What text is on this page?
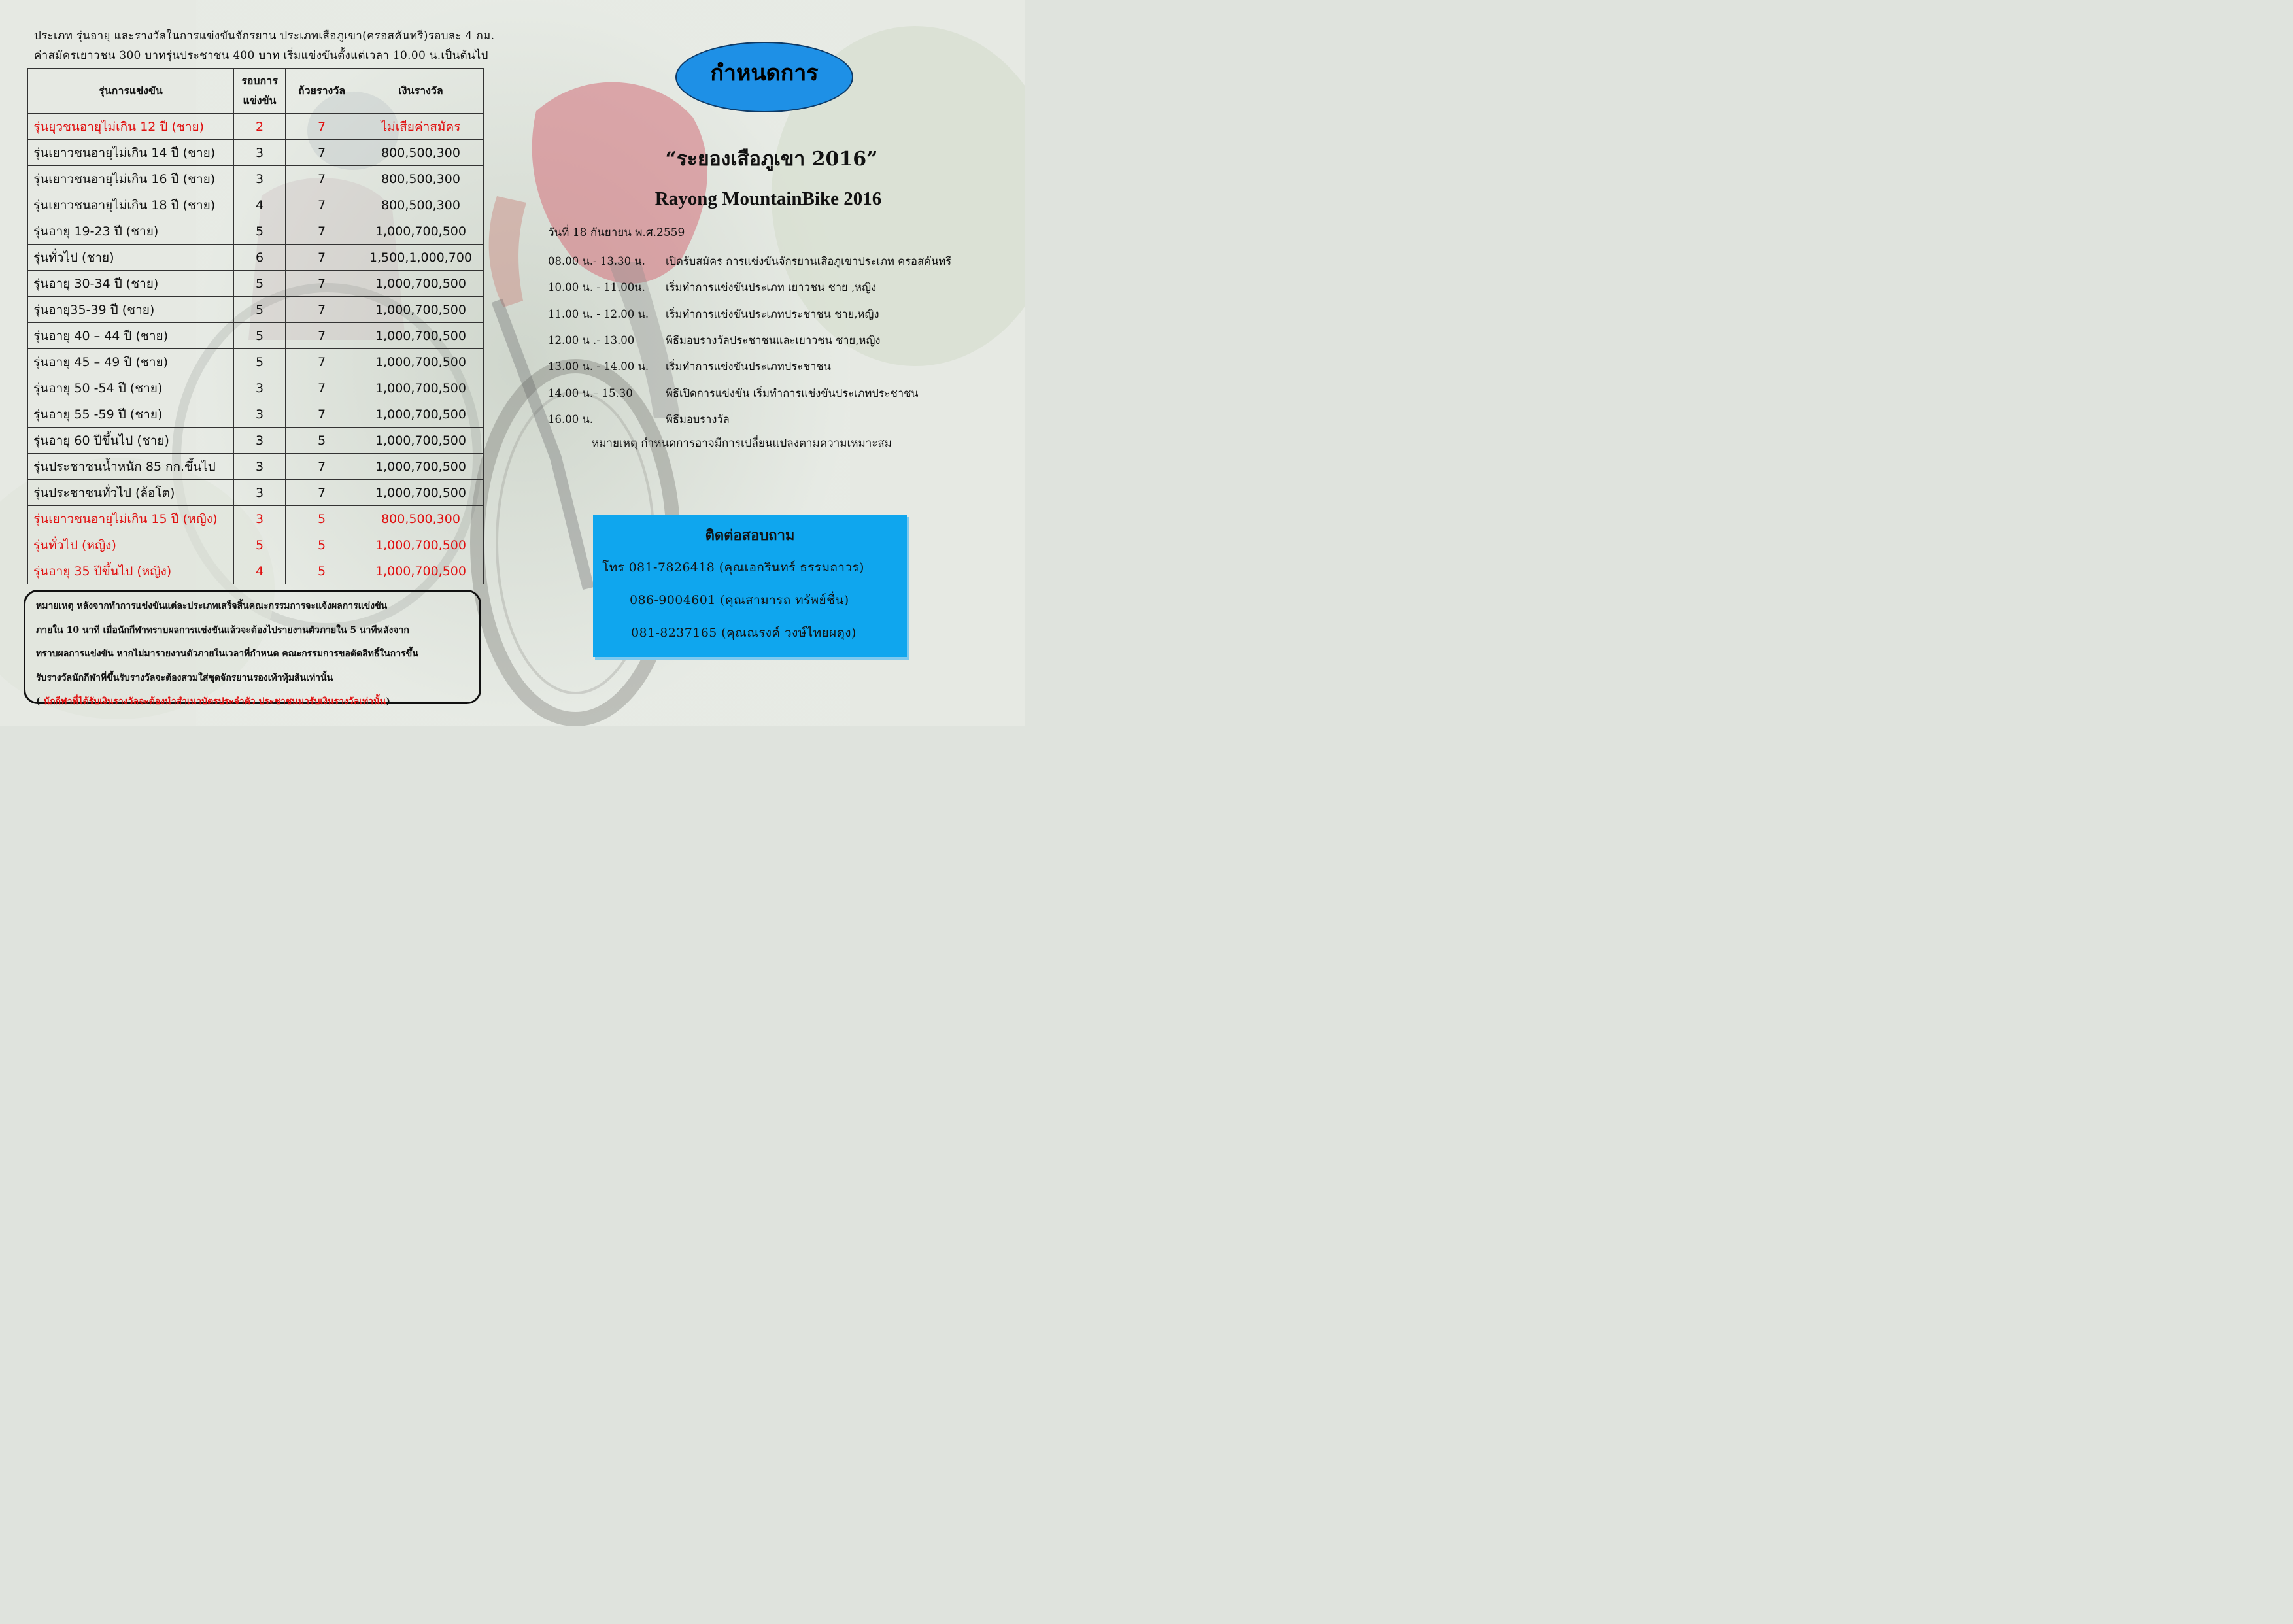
ประเภท รุ่นอายุ และรางวัลในการแข่งขันจักรยาน ประเภทเสือภูเขา(ครอสคันทรี)รอบละ 4 กม.
ค่าสมัครเยาวชน 300 บาทรุ่นประชาชน 400 บาท เริ่มแข่งขันตั้งแต่เวลา 10.00 น.เป็นต้นไป
รุ่นการแข่งขัน	รอบการ แข่งขัน	ถ้วยรางวัล	เงินรางวัล
รุ่นยุวชนอายุไม่เกิน 12 ปี (ชาย)	2	7	ไม่เสียค่าสมัคร
รุ่นเยาวชนอายุไม่เกิน 14 ปี (ชาย)	3	7	800,500,300
รุ่นเยาวชนอายุไม่เกิน 16 ปี (ชาย)	3	7	800,500,300
รุ่นเยาวชนอายุไม่เกิน 18 ปี (ชาย)	4	7	800,500,300
รุ่นอายุ 19-23 ปี (ชาย)	5	7	1,000,700,500
รุ่นทั่วไป (ชาย)	6	7	1,500,1,000,700
รุ่นอายุ 30-34 ปี (ชาย)	5	7	1,000,700,500
รุ่นอายุ35-39 ปี (ชาย)	5	7	1,000,700,500
รุ่นอายุ 40 – 44 ปี (ชาย)	5	7	1,000,700,500
รุ่นอายุ 45 – 49 ปี (ชาย)	5	7	1,000,700,500
รุ่นอายุ 50 -54 ปี (ชาย)	3	7	1,000,700,500
รุ่นอายุ 55 -59 ปี (ชาย)	3	7	1,000,700,500
รุ่นอายุ 60 ปีขึ้นไป (ชาย)	3	5	1,000,700,500
รุ่นประชาชนน้ำหนัก 85 กก.ขึ้นไป	3	7	1,000,700,500
รุ่นประชาชนทั่วไป (ล้อโต)	3	7	1,000,700,500
รุ่นเยาวชนอายุไม่เกิน 15 ปี (หญิง)	3	5	800,500,300
รุ่นทั่วไป (หญิง)	5	5	1,000,700,500
รุ่นอายุ 35 ปีขึ้นไป (หญิง)	4	5	1,000,700,500
หมายเหตุ หลังจากทำการแข่งขันแต่ละประเภทเสร็จสิ้นคณะกรรมการจะแจ้งผลการแข่งขัน
ภายใน 10 นาที เมื่อนักกีฬาทราบผลการแข่งขันแล้วจะต้องไปรายงานตัวภายใน 5 นาทีหลังจาก
ทราบผลการแข่งขัน หากไม่มารายงานตัวภายในเวลาที่กำหนด คณะกรรมการขอตัดสิทธิ์ในการขึ้น
รับรางวัลนักกีฬาที่ขึ้นรับรางวัลจะต้องสวมใส่ชุดจักรยานรองเท้าหุ้มส้นเท่านั้น
( นักกีฬาที่ได้รับเงินรางวัลจะต้องนำสำเนาบัตรประจำตัว ประชาชนมารับเงินรางวัลเท่านั้น)
กำหนดการ
“ระยองเสือภูเขา 2016”
Rayong MountainBike 2016
วันที่ 18 กันยายน พ.ศ.2559
08.00 น.- 13.30 น.	เปิดรับสมัคร การแข่งขันจักรยานเสือภูเขาประเภท ครอสคันทรี
10.00 น. - 11.00น.	เริ่มทำการแข่งขันประเภท เยาวชน ชาย ,หญิง
11.00 น. - 12.00 น.	เริ่มทำการแข่งขันประเภทประชาชน ชาย,หญิง
12.00 น .- 13.00	พิธีมอบรางวัลประชาชนและเยาวชน ชาย,หญิง
13.00 น. - 14.00 น.	เริ่มทำการแข่งขันประเภทประชาชน
14.00 น.– 15.30	พิธีเปิดการแข่งขัน เริ่มทำการแข่งขันประเภทประชาชน
16.00 น.	พิธีมอบรางวัล
หมายเหตุ กำหนดการอาจมีการเปลี่ยนแปลงตามความเหมาะสม
ติดต่อสอบถาม
โทร 081-7826418 (คุณเอกรินทร์ ธรรมถาวร)
086-9004601 (คุณสามารถ ทรัพย์ชื่น)
081-8237165 (คุณณรงค์ วงษ์ไทยผดุง)
